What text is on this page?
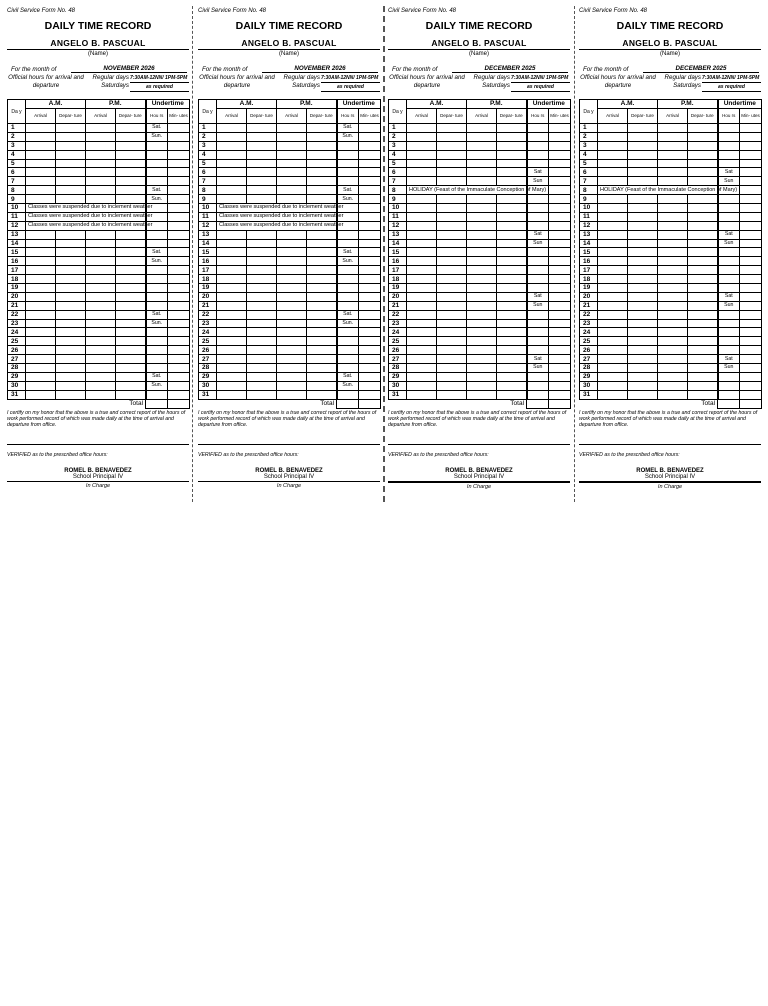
Civil Service Form No. 48
DAILY TIME RECORD
ANGELO B. PASCUAL
(Name)
For the month of	NOVEMBER 2026
Official hours for arrival and departure
Regular days
Saturdays
7:30AM-12NN/ 1PM-5PM
as required
Da y	A.M.		P.M.		Undertime	
	Arrival	Depar- ture	Arrival	Depar- ture	Hou rs	Min- utes
1					Sat.	
2					Sun.	
3						
4						
5						
6						
7						
8					Sat.	
9					Sun.	
10	Classes were suspended due to inclement weather					
11	Classes were suspended due to inclement weather					
12	Classes were suspended due to inclement weather					
13						
14						
15					Sat.	
16					Sun.	
17						
18						
19						
20						
21						
22					Sat.	
23					Sun.	
24						
25						
26						
27						
28						
29					Sat.	
30					Sun.	
31						
Total						
I certify on my honor that the above is a true and correct report of the hours of work performed record of which was made daily at the time of arrival and departure from office.
VERIFIED as to the prescribed office hours:
ROMEL B. BENAVEDEZ
School Principal IV
In Charge
Civil Service Form No. 48
DAILY TIME RECORD
ANGELO B. PASCUAL
(Name)
For the month of	NOVEMBER 2026
Official hours for arrival and departure
Regular days
Saturdays
7:30AM-12NN/ 1PM-5PM
as required
Da y	A.M.		P.M.		Undertime	
	Arrival	Depar- ture	Arrival	Depar- ture	Hou rs	Min- utes
1					Sat.	
2					Sun.	
3						
4						
5						
6						
7						
8					Sat.	
9					Sun.	
10	Classes were suspended due to inclement weather					
11	Classes were suspended due to inclement weather					
12	Classes were suspended due to inclement weather					
13						
14						
15					Sat.	
16					Sun.	
17						
18						
19						
20						
21						
22					Sat.	
23					Sun.	
24						
25						
26						
27						
28						
29					Sat.	
30					Sun.	
31						
Total						
I certify on my honor that the above is a true and correct report of the hours of work performed record of which was made daily at the time of arrival and departure from office.
VERIFIED as to the prescribed office hours:
ROMEL B. BENAVEDEZ
School Principal IV
In Charge
Civil Service Form No. 48
DAILY TIME RECORD
ANGELO B. PASCUAL
(Name)
For the month of	DECEMBER 2025
Official hours for arrival and departure
Regular days
Saturdays
7:30AM-12NN/ 1PM-5PM
as required
Da y	A.M.		P.M.		Undertime	
	Arrival	Depar- ture	Arrival	Depar- ture	Hou rs	Min- utes
1						
2						
3						
4						
5						
6					Sat	
7					Sun	
8	HOLIDAY (Feast of the Immaculate Conception of Mary)					
9						
10						
11						
12						
13					Sat	
14					Sun	
15						
16						
17						
18						
19						
20					Sat	
21					Sun	
22						
23						
24						
25						
26						
27					Sat	
28					Sun	
29						
30						
31						
Total						
I certify on my honor that the above is a true and correct report of the hours of work performed record of which was made daily at the time of arrival and departure from office.
VERIFIED as to the prescribed office hours:
ROMEL B. BENAVEDEZ
School Principal IV
In Charge
Civil Service Form No. 48
DAILY TIME RECORD
ANGELO B. PASCUAL
(Name)
For the month of	DECEMBER 2025
Official hours for arrival and departure
Regular days
Saturdays
7:30AM-12NN/ 1PM-5PM
as required
Da y	A.M.		P.M.		Undertime	
	Arrival	Depar- ture	Arrival	Depar- ture	Hou rs	Min- utes
1						
2						
3						
4						
5						
6					Sat	
7					Sun	
8	HOLIDAY (Feast of the Immaculate Conception of Mary)					
9						
10						
11						
12						
13					Sat	
14					Sun	
15						
16						
17						
18						
19						
20					Sat	
21					Sun	
22						
23						
24						
25						
26						
27					Sat	
28					Sun	
29						
30						
31						
Total						
I certify on my honor that the above is a true and correct report of the hours of work performed record of which was made daily at the time of arrival and departure from office.
VERIFIED as to the prescribed office hours:
ROMEL B. BENAVEDEZ
School Principal IV
In Charge
